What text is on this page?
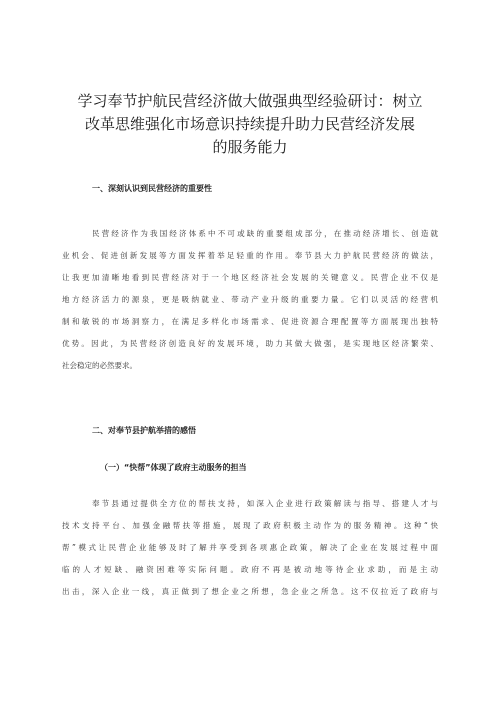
学习奉节护航民营经济做大做强典型经验研讨：树立
改革思维强化市场意识持续提升助力民营经济发展
的服务能力
一、深刻认识到民营经济的重要性
民营经济作为我国经济体系中不可或缺的重要组成部分，在推动经济增长、创造就
业机会、促进创新发展等方面发挥着举足轻重的作用。奉节县大力护航民营经济的做法，
让我更加清晰地看到民营经济对于一个地区经济社会发展的关键意义。民营企业不仅是
地方经济活力的源泉，更是吸纳就业、带动产业升级的重要力量。它们以灵活的经营机
制和敏锐的市场洞察力，在满足多样化市场需求、促进资源合理配置等方面展现出独特
优势。因此，为民营经济创造良好的发展环境，助力其做大做强，是实现地区经济繁荣、
社会稳定的必然要求。
二、对奉节县护航举措的感悟
（一）“快帮”体现了政府主动服务的担当
奉节县通过提供全方位的帮扶支持，如深入企业进行政策解读与指导、搭建人才与
技术支持平台、加强金融帮扶等措施，展现了政府积极主动作为的服务精神。这种“快
帮”模式让民营企业能够及时了解并享受到各项惠企政策，解决了企业在发展过程中面
临的人才短缺、融资困难等实际问题。政府不再是被动地等待企业求助，而是主动
出击，深入企业一线，真正做到了想企业之所想，急企业之所急。这不仅拉近了政府与
